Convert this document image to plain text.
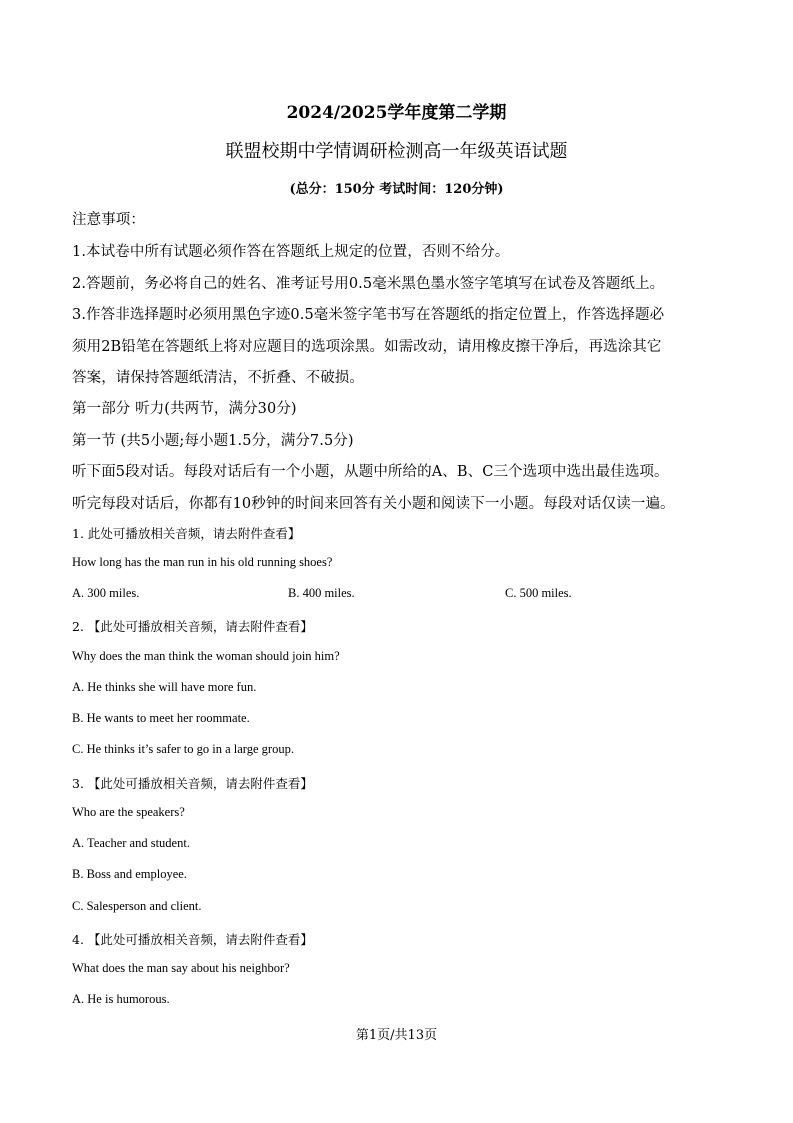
2024/2025学年度第二学期
联盟校期中学情调研检测高一年级英语试题
(总分：150分 考试时间：120分钟)
注意事项：
1.本试卷中所有试题必须作答在答题纸上规定的位置，否则不给分。
2.答题前，务必将自己的姓名、准考证号用0.5毫米黑色墨水签字笔填写在试卷及答题纸上。
3.作答非选择题时必须用黑色字迹0.5毫米签字笔书写在答题纸的指定位置上，作答选择题必
须用2B铅笔在答题纸上将对应题目的选项涂黑。如需改动，请用橡皮擦干净后，再选涂其它
答案，请保持答题纸清洁，不折叠、不破损。
第一部分 听力(共两节，满分30分)
第一节 (共5小题;每小题1.5分，满分7.5分)
听下面5段对话。每段对话后有一个小题，从题中所给的A、B、C三个选项中选出最佳选项。
听完每段对话后，你都有10秒钟的时间来回答有关小题和阅读下一小题。每段对话仅读一遍。
1. 此处可播放相关音频，请去附件查看】
How long has the man run in his old running shoes?
A. 300 miles.	B. 400 miles.	C. 500 miles.
2. 【此处可播放相关音频，请去附件查看】
Why does the man think the woman should join him?
A. He thinks she will have more fun.
B. He wants to meet her roommate.
C. He thinks it’s safer to go in a large group.
3. 【此处可播放相关音频，请去附件查看】
Who are the speakers?
A. Teacher and student.
B. Boss and employee.
C. Salesperson and client.
4. 【此处可播放相关音频，请去附件查看】
What does the man say about his neighbor?
A. He is humorous.
第1页/共13页
